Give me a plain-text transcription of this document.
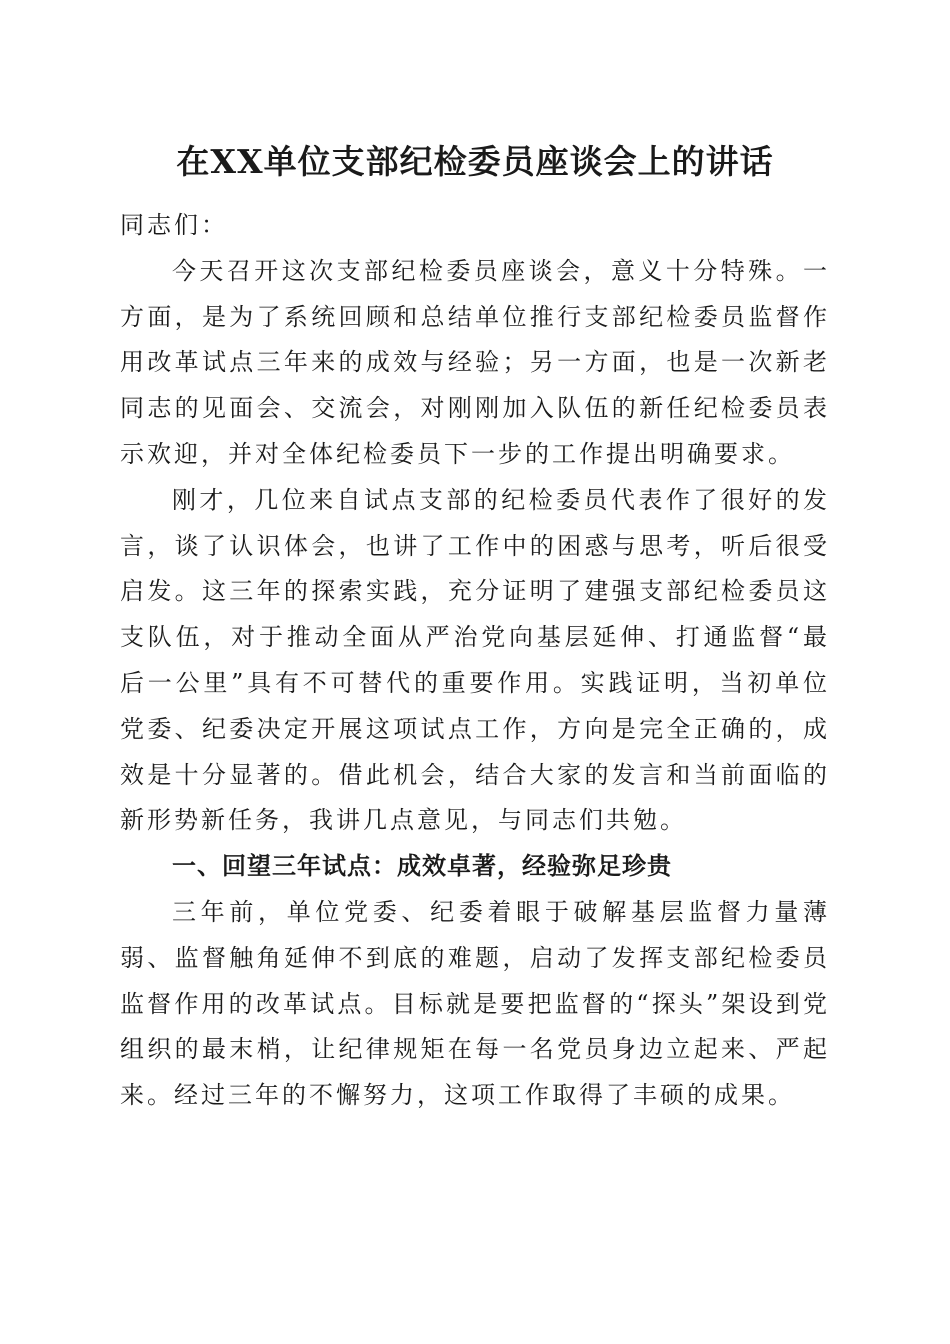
在XX单位支部纪检委员座谈会上的讲话

同志们：

今天召开这次支部纪检委员座谈会，意义十分特殊。一方面，是为了系统回顾和总结单位推行支部纪检委员监督作用改革试点三年来的成效与经验；另一方面，也是一次新老同志的见面会、交流会，对刚刚加入队伍的新任纪检委员表示欢迎，并对全体纪检委员下一步的工作提出明确要求。

刚才，几位来自试点支部的纪检委员代表作了很好的发言，谈了认识体会，也讲了工作中的困惑与思考，听后很受启发。这三年的探索实践，充分证明了建强支部纪检委员这支队伍，对于推动全面从严治党向基层延伸、打通监督“最后一公里”具有不可替代的重要作用。实践证明，当初单位党委、纪委决定开展这项试点工作，方向是完全正确的，成效是十分显著的。借此机会，结合大家的发言和当前面临的新形势新任务，我讲几点意见，与同志们共勉。

一、回望三年试点：成效卓著，经验弥足珍贵

三年前，单位党委、纪委着眼于破解基层监督力量薄弱、监督触角延伸不到底的难题，启动了发挥支部纪检委员监督作用的改革试点。目标就是要把监督的“探头”架设到党组织的最末梢，让纪律规矩在每一名党员身边立起来、严起来。经过三年的不懈努力，这项工作取得了丰硕的成果。
